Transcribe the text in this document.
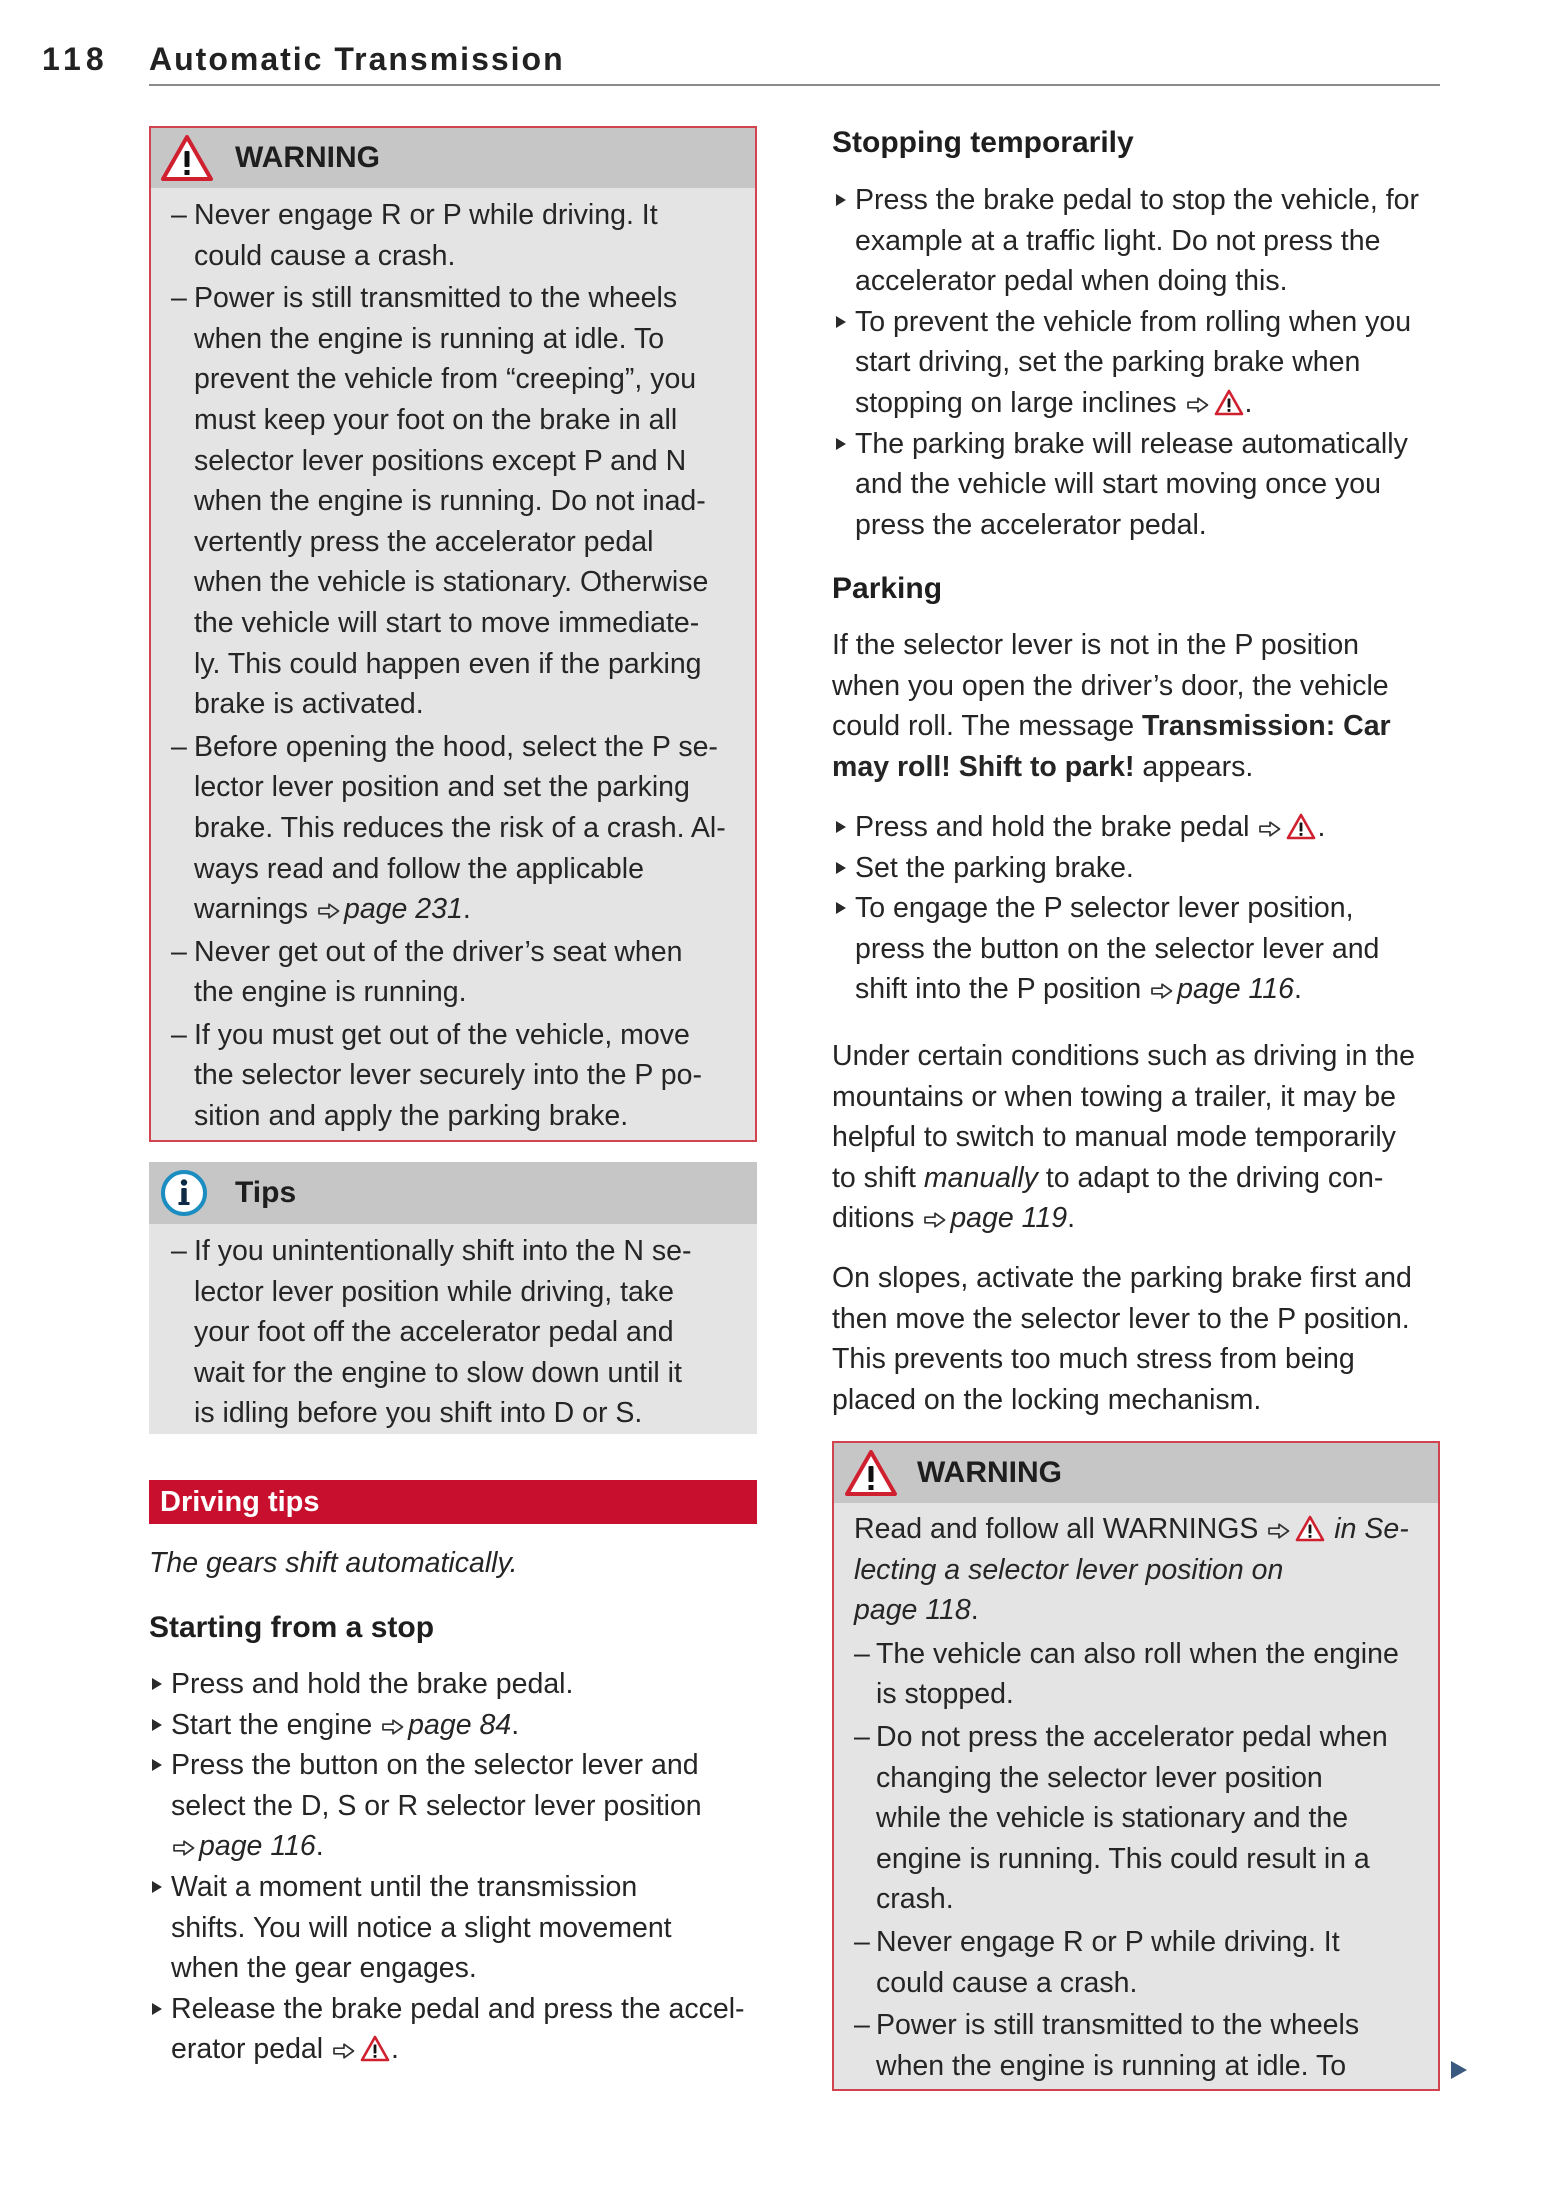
118 Automatic Transmission
WARNING
– Never engage R or P while driving. It
could cause a crash.
– Power is still transmitted to the wheels
when the engine is running at idle. To
prevent the vehicle from “creeping”, you
must keep your foot on the brake in all
selector lever positions except P and N
when the engine is running. Do not inad-
vertently press the accelerator pedal
when the vehicle is stationary. Otherwise
the vehicle will start to move immediate-
ly. This could happen even if the parking
brake is activated.
– Before opening the hood, select the P se-
lector lever position and set the parking
brake. This reduces the risk of a crash. Al-
ways read and follow the applicable
warnings
page 231.
– Never get out of the driver’s seat when
the engine is running.
– If you must get out of the vehicle, move
the selector lever securely into the P po-
sition and apply the parking brake.
Tips
– If you unintentionally shift into the N se-
lector lever position while driving, take
your foot off the accelerator pedal and
wait for the engine to slow down until it
is idling before you shift into D or S.
Driving tips
The gears shift automatically.
Starting from a stop
Press and hold the brake pedal.
Start the engine
page 84.
Press the button on the selector lever and
select the D, S or R selector lever position
page 116.
Wait a moment until the transmission
shifts. You will notice a slight movement
when the gear engages.
Release the brake pedal and press the accel-
erator pedal
.
Stopping temporarily
Press the brake pedal to stop the vehicle, for
example at a traffic light. Do not press the
accelerator pedal when doing this.
To prevent the vehicle from rolling when you
start driving, set the parking brake when
stopping on large inclines
.
The parking brake will release automatically
and the vehicle will start moving once you
press the accelerator pedal.
Parking
If the selector lever is not in the P position
when you open the driver’s door, the vehicle
could roll. The message Transmission: Car
may roll! Shift to park! appears.
Press and hold the brake pedal
.
Set the parking brake.
To engage the P selector lever position,
press the button on the selector lever and
shift into the P position
page 116.
Under certain conditions such as driving in the
mountains or when towing a trailer, it may be
helpful to switch to manual mode temporarily
to shift manually to adapt to the driving con-
ditions
page 119.
On slopes, activate the parking brake first and
then move the selector lever to the P position.
This prevents too much stress from being
placed on the locking mechanism.
WARNING
Read and follow all WARNINGS
in Se-
lecting a selector lever position on
page 118.
– The vehicle can also roll when the engine
is stopped.
– Do not press the accelerator pedal when
changing the selector lever position
while the vehicle is stationary and the
engine is running. This could result in a
crash.
– Never engage R or P while driving. It
could cause a crash.
– Power is still transmitted to the wheels
when the engine is running at idle. To
